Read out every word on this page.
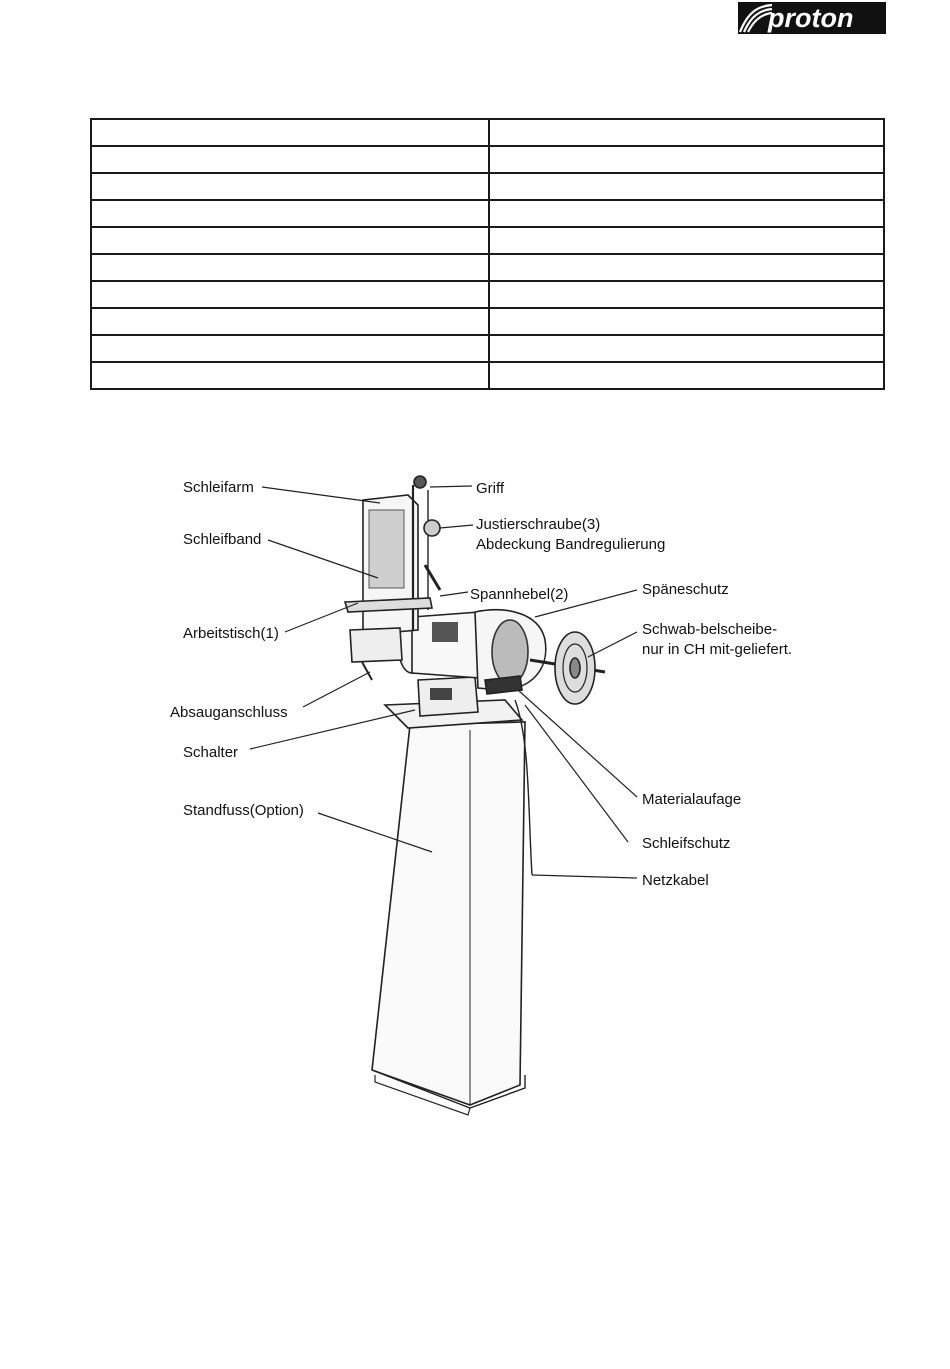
proton

Schleifarm	Griff
Schleifband
Justierschraube(3)
Abdeckung Bandregulierung
Spannhebel(2)	Späneschutz
Arbeitstisch(1)	Schwab-belscheibe-
nur in CH mit-geliefert.
Absauganschluss
Schalter
Standfuss(Option)
Materialaufage
Schleifschutz
Netzkabel
